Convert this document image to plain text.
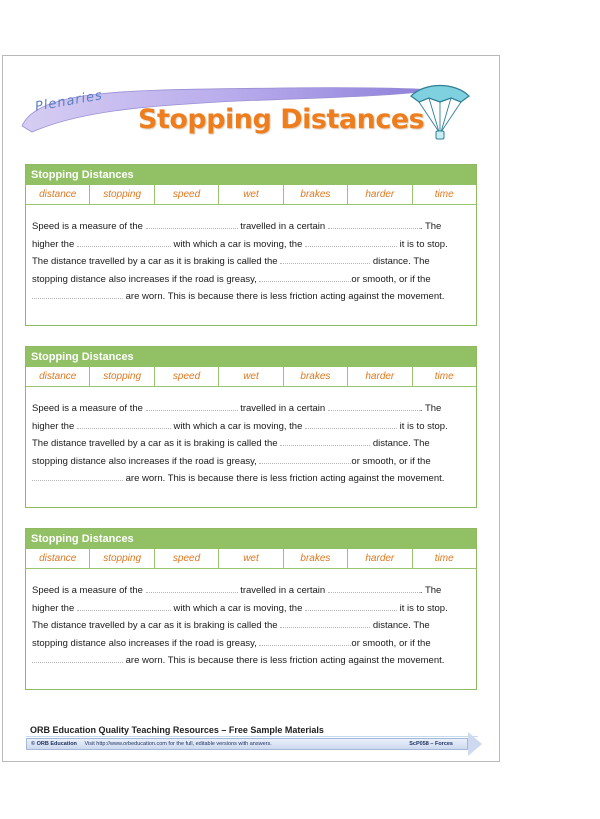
Plenaries
Stopping Distances
Stopping Distances
distance	stopping	speed	wet	brakes	harder	time
Speed is a measure of the	travelled in a certain	. The
higher the	with which a car is moving, the	it is to stop.
The distance travelled by a car as it is braking is called the	distance. The
stopping distance also increases if the road is greasy,	or smooth, or if the
are worn. This is because there is less friction acting against the movement.
Stopping Distances
distance	stopping	speed	wet	brakes	harder	time
Speed is a measure of the	travelled in a certain	. The
higher the	with which a car is moving, the	it is to stop.
The distance travelled by a car as it is braking is called the	distance. The
stopping distance also increases if the road is greasy,	or smooth, or if the
are worn. This is because there is less friction acting against the movement.
Stopping Distances
distance	stopping	speed	wet	brakes	harder	time
Speed is a measure of the	travelled in a certain	. The
higher the	with which a car is moving, the	it is to stop.
The distance travelled by a car as it is braking is called the	distance. The
stopping distance also increases if the road is greasy,	or smooth, or if the
are worn. This is because there is less friction acting against the movement.
ORB Education Quality Teaching Resources – Free Sample Materials
© ORB Education Visit http://www.orbeducation.com for the full, editable versions with answers.	ScP058 – Forces
